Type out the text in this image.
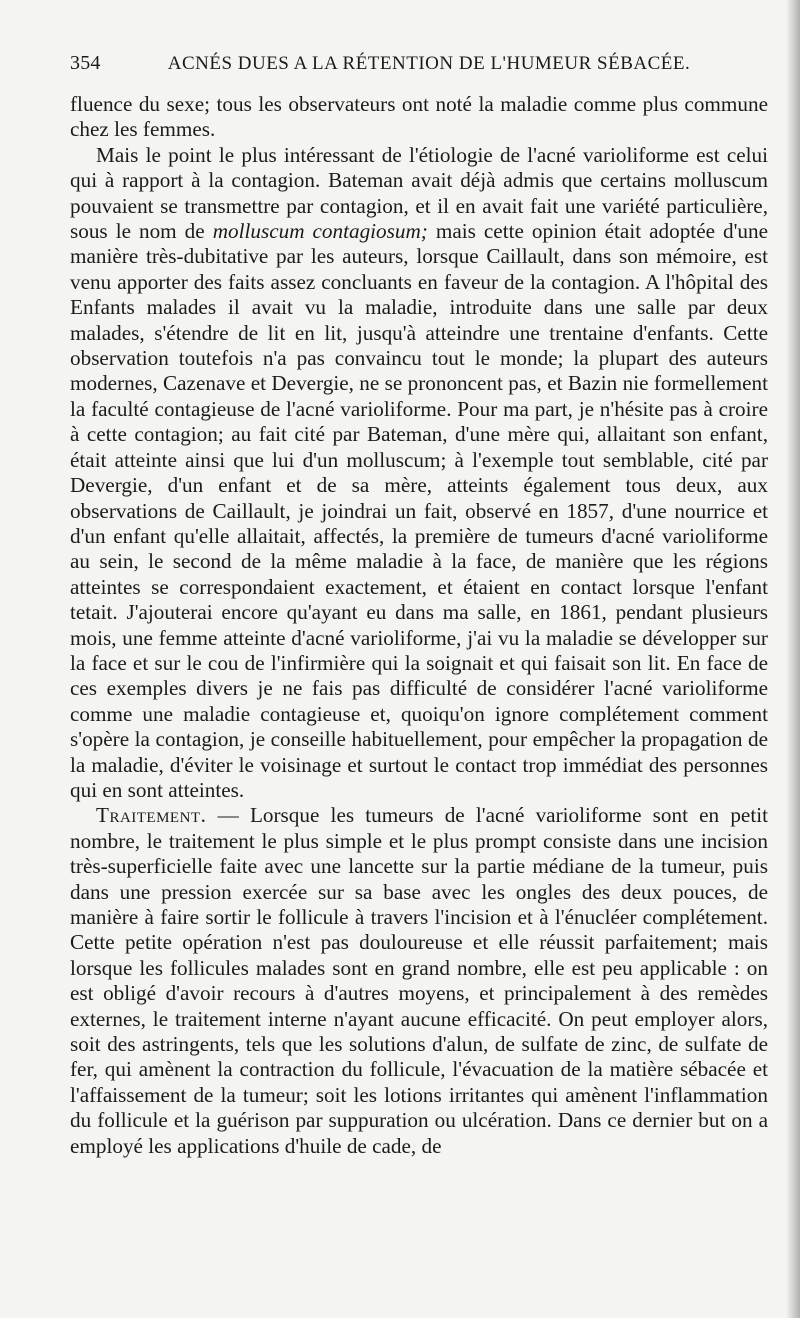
354	ACNÉS DUES A LA RÉTENTION DE L'HUMEUR SÉBACÉE.

fluence du sexe; tous les observateurs ont noté la maladie comme plus commune chez les femmes.

Mais le point le plus intéressant de l'étiologie de l'acné varioliforme est celui qui à rapport à la contagion. Bateman avait déjà admis que certains molluscum pouvaient se transmettre par contagion, et il en avait fait une variété particulière, sous le nom de molluscum contagiosum; mais cette opinion était adoptée d'une manière très-dubitative par les auteurs, lorsque Caillault, dans son mémoire, est venu apporter des faits assez concluants en faveur de la contagion. A l'hôpital des Enfants malades il avait vu la maladie, introduite dans une salle par deux malades, s'étendre de lit en lit, jusqu'à atteindre une trentaine d'enfants. Cette observation toutefois n'a pas convaincu tout le monde; la plupart des auteurs modernes, Cazenave et Devergie, ne se prononcent pas, et Bazin nie formellement la faculté contagieuse de l'acné varioliforme. Pour ma part, je n'hésite pas à croire à cette contagion; au fait cité par Bateman, d'une mère qui, allaitant son enfant, était atteinte ainsi que lui d'un molluscum; à l'exemple tout semblable, cité par Devergie, d'un enfant et de sa mère, atteints également tous deux, aux observations de Caillault, je joindrai un fait, observé en 1857, d'une nourrice et d'un enfant qu'elle allaitait, affectés, la première de tumeurs d'acné varioliforme au sein, le second de la même maladie à la face, de manière que les régions atteintes se correspondaient exactement, et étaient en contact lorsque l'enfant tetait. J'ajouterai encore qu'ayant eu dans ma salle, en 1861, pendant plusieurs mois, une femme atteinte d'acné varioliforme, j'ai vu la maladie se développer sur la face et sur le cou de l'infirmière qui la soignait et qui faisait son lit. En face de ces exemples divers je ne fais pas difficulté de considérer l'acné varioliforme comme une maladie contagieuse et, quoiqu'on ignore complétement comment s'opère la contagion, je conseille habituellement, pour empêcher la propagation de la maladie, d'éviter le voisinage et surtout le contact trop immédiat des personnes qui en sont atteintes.

Traitement. — Lorsque les tumeurs de l'acné varioliforme sont en petit nombre, le traitement le plus simple et le plus prompt consiste dans une incision très-superficielle faite avec une lancette sur la partie médiane de la tumeur, puis dans une pression exercée sur sa base avec les ongles des deux pouces, de manière à faire sortir le follicule à travers l'incision et à l'énucléer complétement. Cette petite opération n'est pas douloureuse et elle réussit parfaitement; mais lorsque les follicules malades sont en grand nombre, elle est peu applicable : on est obligé d'avoir recours à d'autres moyens, et principalement à des remèdes externes, le traitement interne n'ayant aucune efficacité. On peut employer alors, soit des astringents, tels que les solutions d'alun, de sulfate de zinc, de sulfate de fer, qui amènent la contraction du follicule, l'évacuation de la matière sébacée et l'affaissement de la tumeur; soit les lotions irritantes qui amènent l'inflammation du follicule et la guérison par suppuration ou ulcération. Dans ce dernier but on a employé les applications d'huile de cade, de
